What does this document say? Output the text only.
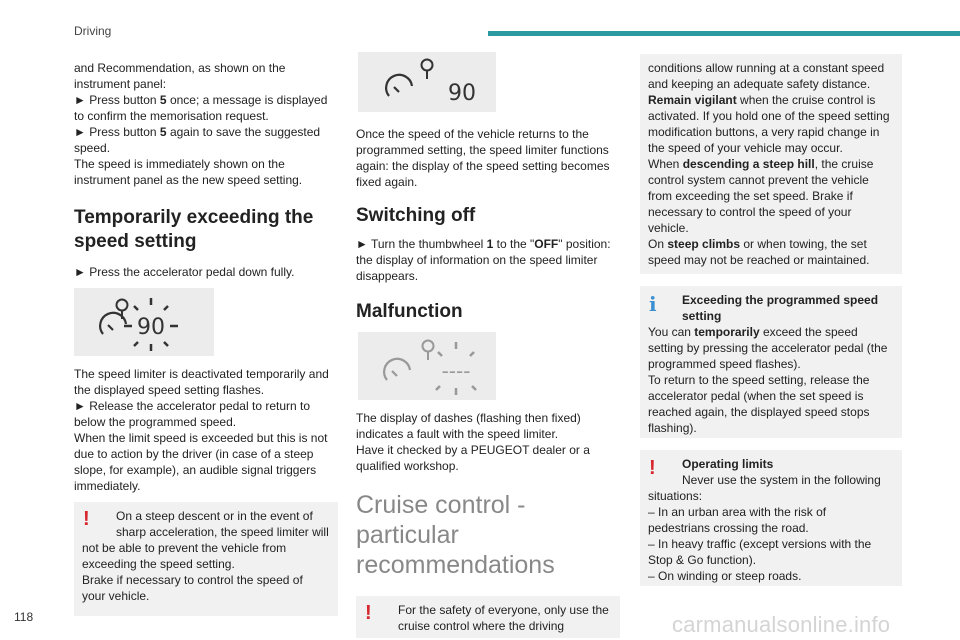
Driving

and Recommendation, as shown on the
instrument panel:

► Press button 5 once; a message is displayed
to confirm the memorisation request.

► Press button 5 again to save the suggested
speed.

The speed is immediately shown on the
instrument panel as the new speed setting.

Temporarily exceeding the
speed setting

► Press the accelerator pedal down fully.

90

The speed limiter is deactivated temporarily and
the displayed speed setting flashes.
► Release the accelerator pedal to return to
below the programmed speed.
When the limit speed is exceeded but this is not
due to action by the driver (in case of a steep
slope, for example), an audible signal triggers
immediately.

!	On a steep descent or in the event of
sharp acceleration, the speed limiter will
not be able to prevent the vehicle from
exceeding the speed setting.
Brake if necessary to control the speed of
your vehicle.

90

Once the speed of the vehicle returns to the
programmed setting, the speed limiter functions
again: the display of the speed setting becomes
fixed again.

Switching off

► Turn the thumbwheel 1 to the "OFF" position:
the display of information on the speed limiter
disappears.

Malfunction
----

The display of dashes (flashing then fixed)
indicates a fault with the speed limiter.
Have it checked by a PEUGEOT dealer or a
qualified workshop.

Cruise control - particular
recommendations
!	For the safety of everyone, only use the
cruise control where the driving

conditions allow running at a constant speed
and keeping an adequate safety distance.
Remain vigilant when the cruise control is
activated. If you hold one of the speed setting
modification buttons, a very rapid change in
the speed of your vehicle may occur.
When descending a steep hill, the cruise
control system cannot prevent the vehicle
from exceeding the set speed. Brake if
necessary to control the speed of your
vehicle.
On steep climbs or when towing, the set
speed may not be reached or maintained.

i	Exceeding the programmed speed
setting
You can temporarily exceed the speed
setting by pressing the accelerator pedal (the
programmed speed flashes).
To return to the speed setting, release the
accelerator pedal (when the set speed is
reached again, the displayed speed stops
flashing).

!	Operating limits
Never use the system in the following
situations:
– In an urban area with the risk of
pedestrians crossing the road.
– In heavy traffic (except versions with the
Stop & Go function).
– On winding or steep roads.

118	carmanualsonline.info
